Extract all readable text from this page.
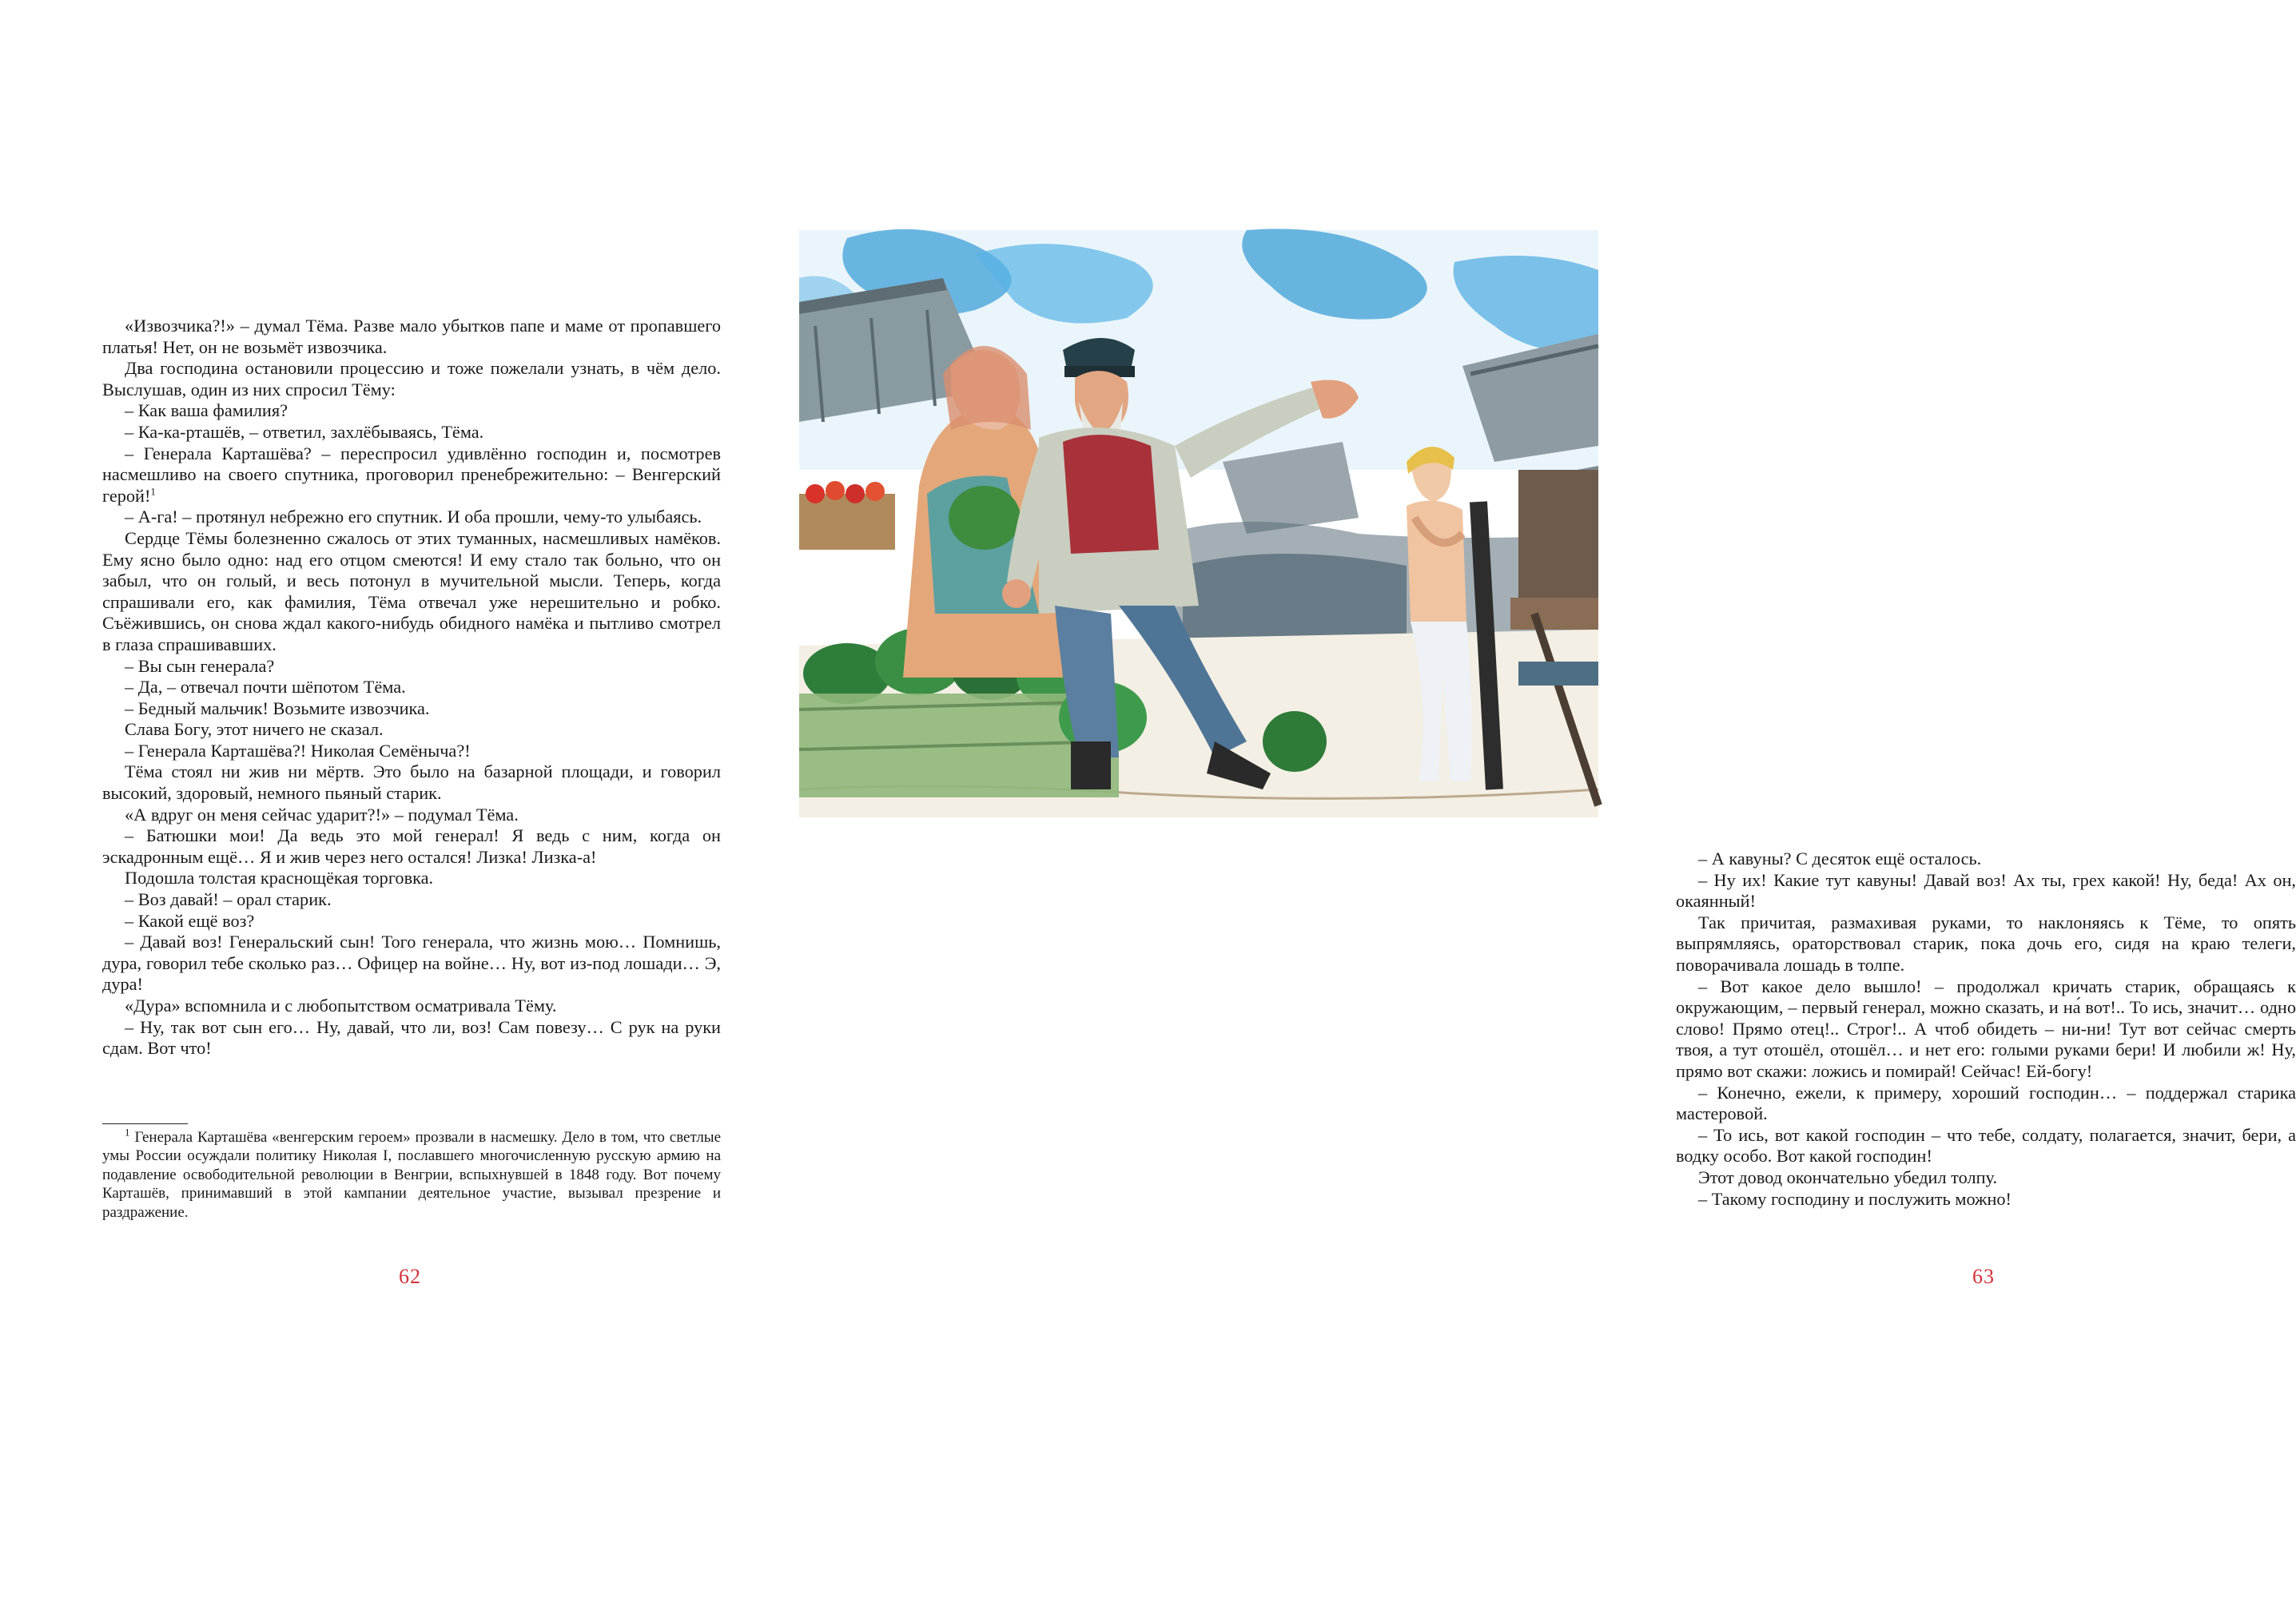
«Извозчика?!» – думал Тёма. Разве мало убытков папе и маме от пропавшего платья! Нет, он не возьмёт извозчика.

Два господина остановили процессию и тоже пожелали узнать, в чём дело. Выслушав, один из них спросил Тёму:

– Как ваша фамилия?

– Ка-ка-рташёв, – ответил, захлёбываясь, Тёма.

– Генерала Карташёва? – переспросил удивлённо господин и, посмотрев насмешливо на своего спутника, проговорил пренебрежительно: – Венгерский герой!$^1$

– А-га! – протянул небрежно его спутник. И оба прошли, чему-то улыбаясь.

Сердце Тёмы болезненно сжалось от этих туманных, насмешливых намёков. Ему ясно было одно: над его отцом смеются! И ему стало так больно, что он забыл, что он голый, и весь потонул в мучительной мысли. Теперь, когда спрашивали его, как фамилия, Тёма отвечал уже нерешительно и робко. Съёжившись, он снова ждал какого-нибудь обидного намёка и пытливо смотрел в глаза спрашивавших.

– Вы сын генерала?

– Да, – отвечал почти шёпотом Тёма.

– Бедный мальчик! Возьмите извозчика.

Слава Богу, этот ничего не сказал.

– Генерала Карташёва?! Николая Семёныча?!

Тёма стоял ни жив ни мёртв. Это было на базарной площади, и говорил высокий, здоровый, немного пьяный старик.

«А вдруг он меня сейчас ударит?!» – подумал Тёма.

– Батюшки мои! Да ведь это мой генерал! Я ведь с ним, когда он эскадронным ещё… Я и жив через него остался! Лизка! Лизка-а!

Подошла толстая краснощёкая торговка.

– Воз давай! – орал старик.

– Какой ещё воз?

– Давай воз! Генеральский сын! Того генерала, что жизнь мою… Помнишь, дура, говорил тебе сколько раз… Офицер на войне… Ну, вот из-под лошади… Э, дура!

«Дура» вспомнила и с любопытством осматривала Тёму.

– Ну, так вот сын его… Ну, давай, что ли, воз! Сам повезу… С рук на руки сдам. Вот что!

$^1$ Генерала Карташёва «венгерским героем» прозвали в насмешку. Дело в том, что светлые умы России осуждали политику Николая I, пославшего многочисленную русскую армию на подавление освободительной революции в Венгрии, вспыхнувшей в 1848 году. Вот почему Карташёв, принимавший в этой кампании деятельное участие, вызывал презрение и раздражение.

62

– А кавуны? С десяток ещё осталось.

– Ну их! Какие тут кавуны! Давай воз! Ах ты, грех какой! Ну, беда! Ах он, окаянный!

Так причитая, размахивая руками, то наклоняясь к Тёме, то опять выпрямляясь, ораторствовал старик, пока дочь его, сидя на краю телеги, поворачивала лошадь в толпе.

– Вот какое дело вышло! – продолжал кричать старик, обращаясь к окружающим, – первый генерал, можно сказать, и на́ вот!.. То ись, значит… одно слово! Прямо отец!.. Строг!.. А чтоб обидеть – ни-ни! Тут вот сейчас смерть твоя, а тут отошёл, отошёл… и нет его: голыми руками бери! И любили ж! Ну, прямо вот скажи: ложись и помирай! Сейчас! Ей-богу!

– Конечно, ежели, к примеру, хороший господин… – поддержал старика мастеровой.

– То ись, вот какой господин – что тебе, солдату, полагается, значит, бери, а водку особо. Вот какой господин!

Этот довод окончательно убедил толпу.

– Такому господину и послужить можно!

63
